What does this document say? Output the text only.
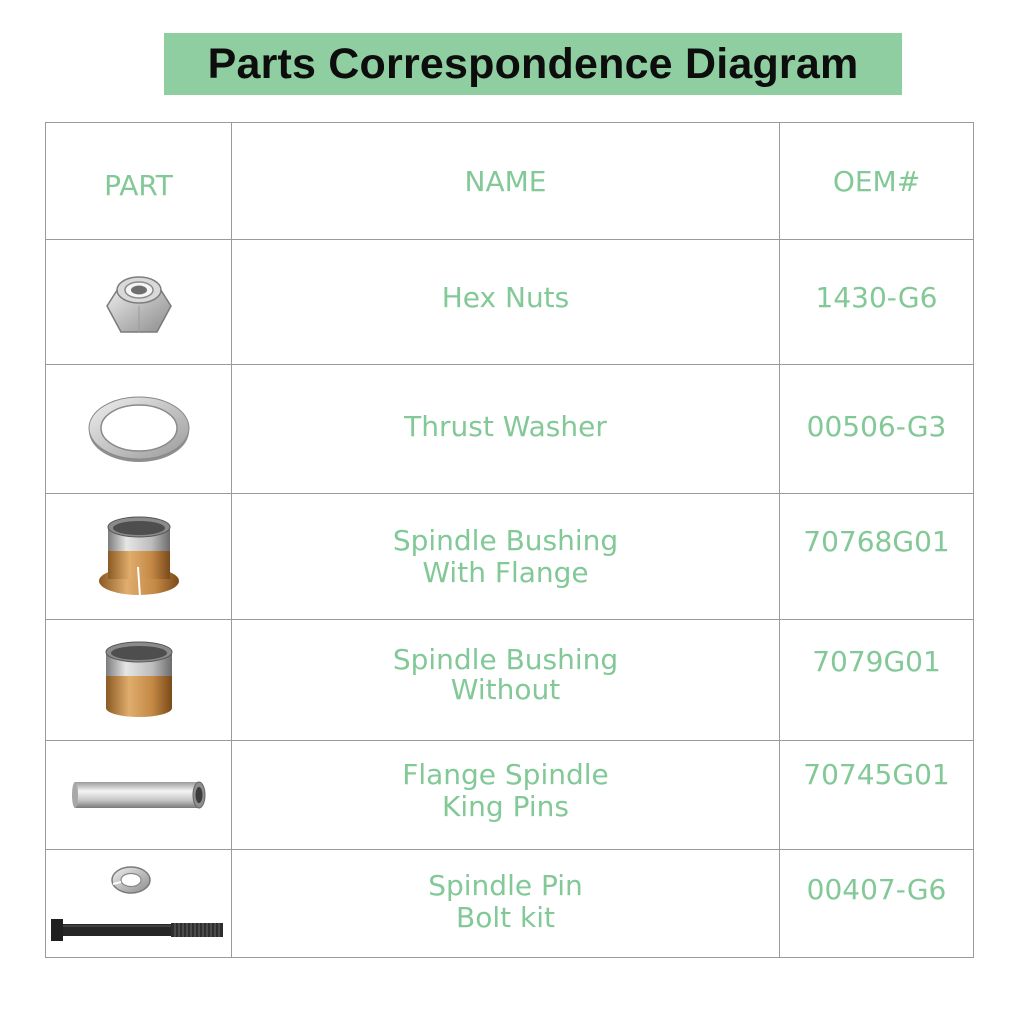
Parts Correspondence Diagram
PART	NAME	OEM#

Hex Nuts	1430-G6

Thrust Washer	00506-G3

Spindle Bushing
With Flange	70768G01

Spindle Bushing
Without	7079G01

Flange Spindle
King Pins	70745G01

Spindle Pin
Bolt kit	00407-G6
